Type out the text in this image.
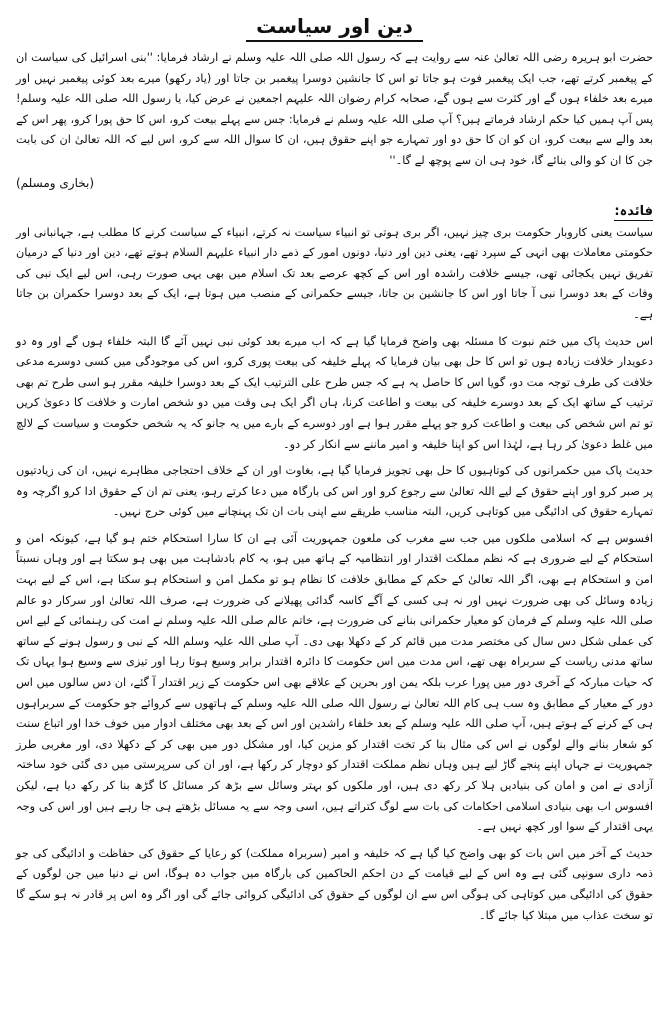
دین اور سیاست

حضرت ابو ہریرہ رضی اللہ تعالیٰ عنہ سے روایت ہے کہ رسول اللہ صلی اللہ علیہ وسلم نے ارشاد فرمایا: ''بنی اسرائیل کی سیاست ان کے پیغمبر کرتے تھے، جب ایک پیغمبر فوت ہو جاتا تو اس کا جانشین دوسرا پیغمبر بن جاتا اور (یاد رکھو) میرے بعد کوئی پیغمبر نہیں اور میرے بعد خلفاء ہوں گے اور کثرت سے ہوں گے، صحابہ کرام رضوان اللہ علیہم اجمعین نے عرض کیا، یا رسول اللہ صلی اللہ علیہ وسلم! پس آپ ہمیں کیا حکم ارشاد فرماتے ہیں؟ آپ صلی اللہ علیہ وسلم نے فرمایا: جس سے پہلے بیعت کرو، اس کا حق پورا کرو، پھر اس کے بعد والے سے بیعت کرو، ان کو ان کا حق دو اور تمہارے جو اپنے حقوق ہیں، ان کا سوال اللہ سے کرو، اس لیے کہ اللہ تعالیٰ ان کی بابت جن کا ان کو والی بنائے گا، خود ہی ان سے پوچھ لے گا۔''

(بخاری ومسلم)
فائدہ:

سیاست یعنی کاروبار حکومت بری چیز نہیں، اگر بری ہوتی تو انبیاء سیاست نہ کرتے، انبیاء کے سیاست کرنے کا مطلب ہے، جہانبانی اور حکومتی معاملات بھی انہی کے سپرد تھے، یعنی دین اور دنیا، دونوں امور کے ذمے دار انبیاء علیہم السلام ہوتے تھے، دین اور دنیا کے درمیان تفریق نہیں یکجائی تھی، جیسے خلافت راشدہ اور اس کے کچھ عرصے بعد تک اسلام میں بھی یہی صورت رہی، اس لیے ایک نبی کی وفات کے بعد دوسرا نبی آ جاتا اور اس کا جانشین بن جاتا، جیسے حکمرانی کے منصب میں ہوتا ہے، ایک کے بعد دوسرا حکمران بن جاتا ہے۔

اس حدیث پاک میں ختم نبوت کا مسئلہ بھی واضح فرمایا گیا ہے کہ اب میرے بعد کوئی نبی نہیں آئے گا البتہ خلفاء ہوں گے اور وہ دو دعویدار خلافت زیادہ ہوں تو اس کا حل بھی بیان فرمایا کہ پہلے خلیفہ کی بیعت پوری کرو، اس کی موجودگی میں کسی دوسرے مدعی خلافت کی طرف توجہ مت دو، گویا اس کا حاصل یہ ہے کہ جس طرح علی الترتیب ایک کے بعد دوسرا خلیفہ مقرر ہو اسی طرح تم بھی ترتیب کے ساتھ ایک کے بعد دوسرے خلیفہ کی بیعت و اطاعت کرنا، ہاں اگر ایک ہی وقت میں دو شخص امارت و خلافت کا دعویٰ کریں تو تم اس شخص کی بیعت و اطاعت کرو جو پہلے مقرر ہوا ہے اور دوسرے کے بارے میں یہ جانو کہ یہ شخص حکومت و سیاست کے لالچ میں غلط دعویٰ کر رہا ہے، لہٰذا اس کو اپنا خلیفہ و امیر ماننے سے انکار کر دو۔

حدیث پاک میں حکمرانوں کی کوتاہیوں کا حل بھی تجویز فرمایا گیا ہے، بغاوت اور ان کے خلاف احتجاجی مظاہرے نہیں، ان کی زیادتیوں پر صبر کرو اور اپنے حقوق کے لیے اللہ تعالیٰ سے رجوع کرو اور اس کی بارگاہ میں دعا کرتے رہو، یعنی تم ان کے حقوق ادا کرو اگرچہ وہ تمہارے حقوق کی ادائیگی میں کوتاہی کریں، البتہ مناسب طریقے سے اپنی بات ان تک پہنچانے میں کوئی حرج نہیں۔

افسوس ہے کہ اسلامی ملکوں میں جب سے مغرب کی ملعون جمہوریت آئی ہے ان کا سارا استحکام ختم ہو گیا ہے، کیونکہ امن و استحکام کے لیے ضروری ہے کہ نظم مملکت اقتدار اور انتظامیہ کے ہاتھ میں ہو، یہ کام بادشاہت میں بھی ہو سکتا ہے اور وہاں نسبتاً امن و استحکام ہے بھی، اگر اللہ تعالیٰ کے حکم کے مطابق خلافت کا نظام ہو تو مکمل امن و استحکام ہو سکتا ہے، اس کے لیے بہت زیادہ وسائل کی بھی ضرورت نہیں اور نہ ہی کسی کے آگے کاسہ گدائی پھیلانے کی ضرورت ہے، صرف اللہ تعالیٰ اور سرکار دو عالم صلی اللہ علیہ وسلم کے فرمان کو معیار حکمرانی بنانے کی ضرورت ہے، خاتم عالم صلی اللہ علیہ وسلم نے امت کی رہنمائی کے لیے اس کی عملی شکل دس سال کی مختصر مدت میں قائم کر کے دکھلا بھی دی۔ آپ صلی اللہ علیہ وسلم اللہ کے نبی و رسول ہونے کے ساتھ ساتھ مدنی ریاست کے سربراہ بھی تھے، اس مدت میں اس حکومت کا دائرہ اقتدار برابر وسیع ہوتا رہا اور تیزی سے وسیع ہوا یہاں تک کہ حیات مبارکہ کے آخری دور میں پورا عرب بلکہ یمن اور بحرین کے علاقے بھی اس حکومت کے زیر اقتدار آ گئے، ان دس سالوں میں اس دور کے معیار کے مطابق وہ سب ہی کام اللہ تعالیٰ نے رسول اللہ صلی اللہ علیہ وسلم کے ہاتھوں سے کروائے جو حکومت کے سربراہوں ہی کے کرنے کے ہوتے ہیں، آپ صلی اللہ علیہ وسلم کے بعد خلفاء راشدین اور اس کے بعد بھی مختلف ادوار میں خوف خدا اور اتباع سنت کو شعار بنانے والے لوگوں نے اس کی مثال بنا کر تخت اقتدار کو مزین کیا، اور مشکل دور میں بھی کر کے دکھلا دی، اور مغربی طرز جمہوریت نے جہاں اپنے پنجے گاڑ لیے ہیں وہاں نظم مملکت اقتدار کو دوچار کر رکھا ہے، اور ان کی سرپرستی میں دی گئی خود ساختہ آزادی نے امن و امان کی بنیادیں ہلا کر رکھ دی ہیں، اور ملکوں کو بہتر وسائل سے بڑھ کر مسائل کا گڑھ بنا کر رکھ دیا ہے، لیکن افسوس اب بھی بنیادی اسلامی احکامات کی بات سے لوگ کتراتے ہیں، اسی وجہ سے یہ مسائل بڑھتے ہی جا رہے ہیں اور اس کی وجہ یہی اقتدار کے سوا اور کچھ نہیں ہے۔

حدیث کے آخر میں اس بات کو بھی واضح کیا گیا ہے کہ خلیفہ و امیر (سربراہ مملکت) کو رعایا کے حقوق کی حفاظت و ادائیگی کی جو ذمہ داری سونپی گئی ہے وہ اس کے لیے قیامت کے دن احکم الحاکمین کی بارگاہ میں جواب دہ ہوگا، اس نے دنیا میں جن لوگوں کے حقوق کی ادائیگی میں کوتاہی کی ہوگی اس سے ان لوگوں کے حقوق کی ادائیگی کروائی جائے گی اور اگر وہ اس پر قادر نہ ہو سکے گا تو سخت عذاب میں مبتلا کیا جائے گا۔
